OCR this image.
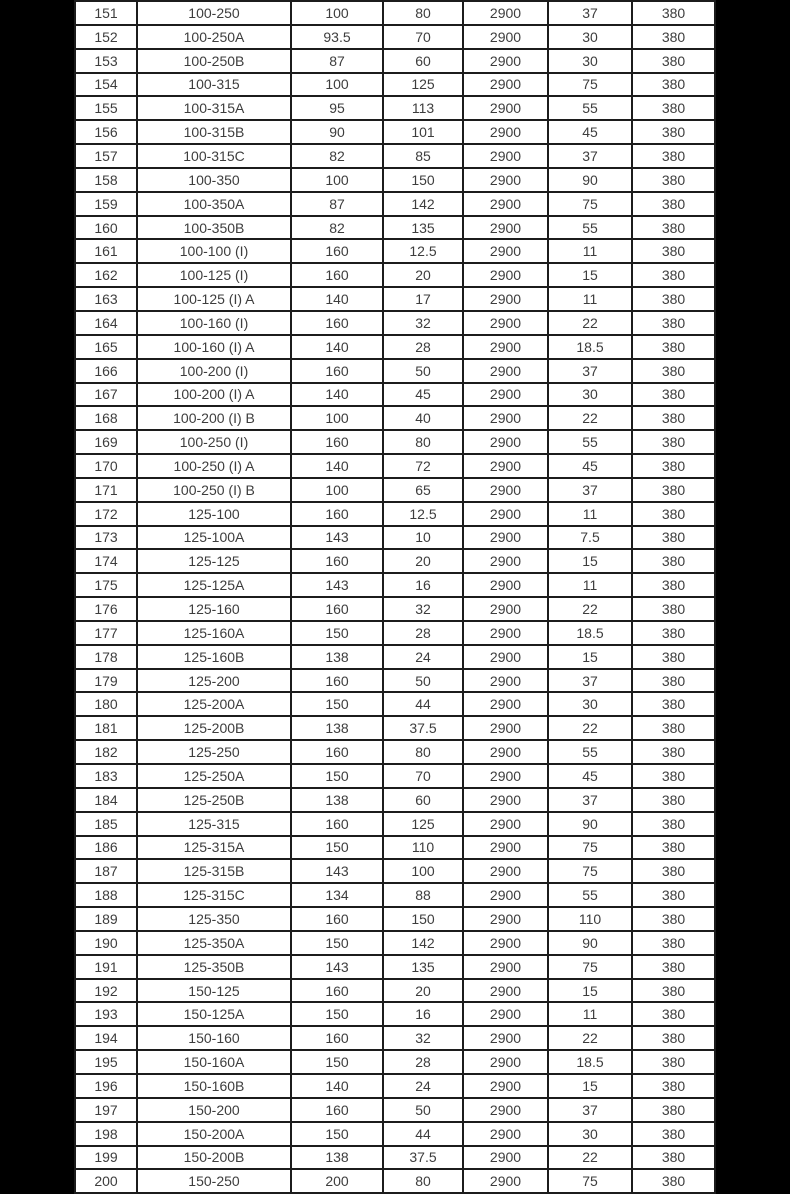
151	100-250	100	80	2900	37	380
152	100-250A	93.5	70	2900	30	380
153	100-250B	87	60	2900	30	380
154	100-315	100	125	2900	75	380
155	100-315A	95	113	2900	55	380
156	100-315B	90	101	2900	45	380
157	100-315C	82	85	2900	37	380
158	100-350	100	150	2900	90	380
159	100-350A	87	142	2900	75	380
160	100-350B	82	135	2900	55	380
161	100-100 (I)	160	12.5	2900	11	380
162	100-125 (I)	160	20	2900	15	380
163	100-125 (I) A	140	17	2900	11	380
164	100-160 (I)	160	32	2900	22	380
165	100-160 (I) A	140	28	2900	18.5	380
166	100-200 (I)	160	50	2900	37	380
167	100-200 (I) A	140	45	2900	30	380
168	100-200 (I) B	100	40	2900	22	380
169	100-250 (I)	160	80	2900	55	380
170	100-250 (I) A	140	72	2900	45	380
171	100-250 (I) B	100	65	2900	37	380
172	125-100	160	12.5	2900	11	380
173	125-100A	143	10	2900	7.5	380
174	125-125	160	20	2900	15	380
175	125-125A	143	16	2900	11	380
176	125-160	160	32	2900	22	380
177	125-160A	150	28	2900	18.5	380
178	125-160B	138	24	2900	15	380
179	125-200	160	50	2900	37	380
180	125-200A	150	44	2900	30	380
181	125-200B	138	37.5	2900	22	380
182	125-250	160	80	2900	55	380
183	125-250A	150	70	2900	45	380
184	125-250B	138	60	2900	37	380
185	125-315	160	125	2900	90	380
186	125-315A	150	110	2900	75	380
187	125-315B	143	100	2900	75	380
188	125-315C	134	88	2900	55	380
189	125-350	160	150	2900	110	380
190	125-350A	150	142	2900	90	380
191	125-350B	143	135	2900	75	380
192	150-125	160	20	2900	15	380
193	150-125A	150	16	2900	11	380
194	150-160	160	32	2900	22	380
195	150-160A	150	28	2900	18.5	380
196	150-160B	140	24	2900	15	380
197	150-200	160	50	2900	37	380
198	150-200A	150	44	2900	30	380
199	150-200B	138	37.5	2900	22	380
200	150-250	200	80	2900	75	380
